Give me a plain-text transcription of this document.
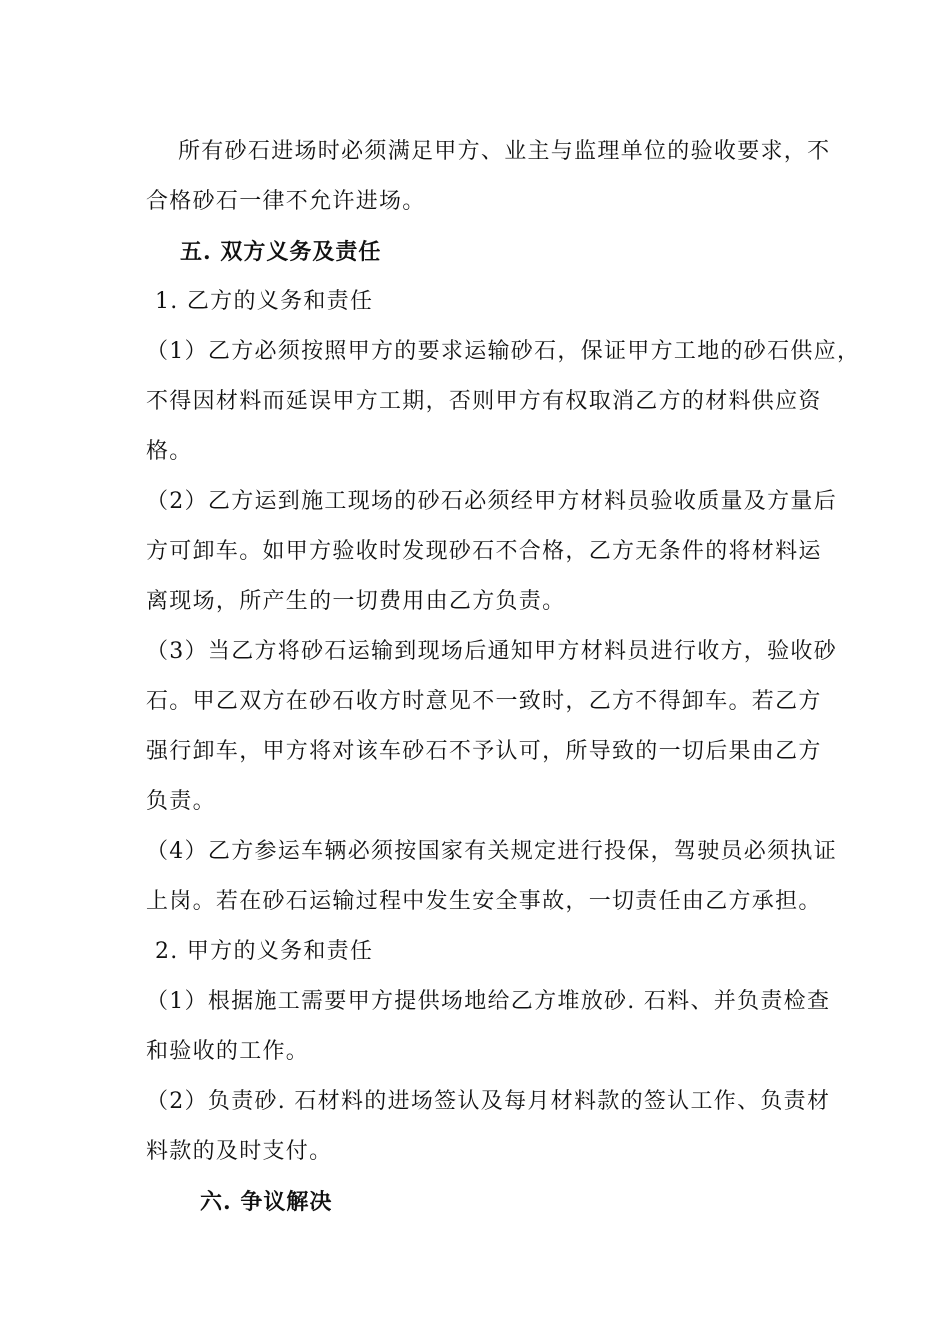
所有砂石进场时必须满足甲方、业主与监理单位的验收要求，不
合格砂石一律不允许进场。
五. 双方义务及责任
1. 乙方的义务和责任
（1）乙方必须按照甲方的要求运输砂石，保证甲方工地的砂石供应，
不得因材料而延误甲方工期，否则甲方有权取消乙方的材料供应资
格。
（2）乙方运到施工现场的砂石必须经甲方材料员验收质量及方量后
方可卸车。如甲方验收时发现砂石不合格，乙方无条件的将材料运
离现场，所产生的一切费用由乙方负责。
（3）当乙方将砂石运输到现场后通知甲方材料员进行收方，验收砂
石。甲乙双方在砂石收方时意见不一致时，乙方不得卸车。若乙方
强行卸车，甲方将对该车砂石不予认可，所导致的一切后果由乙方
负责。
（4）乙方参运车辆必须按国家有关规定进行投保，驾驶员必须执证
上岗。若在砂石运输过程中发生安全事故，一切责任由乙方承担。
2. 甲方的义务和责任
（1）根据施工需要甲方提供场地给乙方堆放砂. 石料、并负责检查
和验收的工作。
（2）负责砂. 石材料的进场签认及每月材料款的签认工作、负责材
料款的及时支付。
六. 争议解决
